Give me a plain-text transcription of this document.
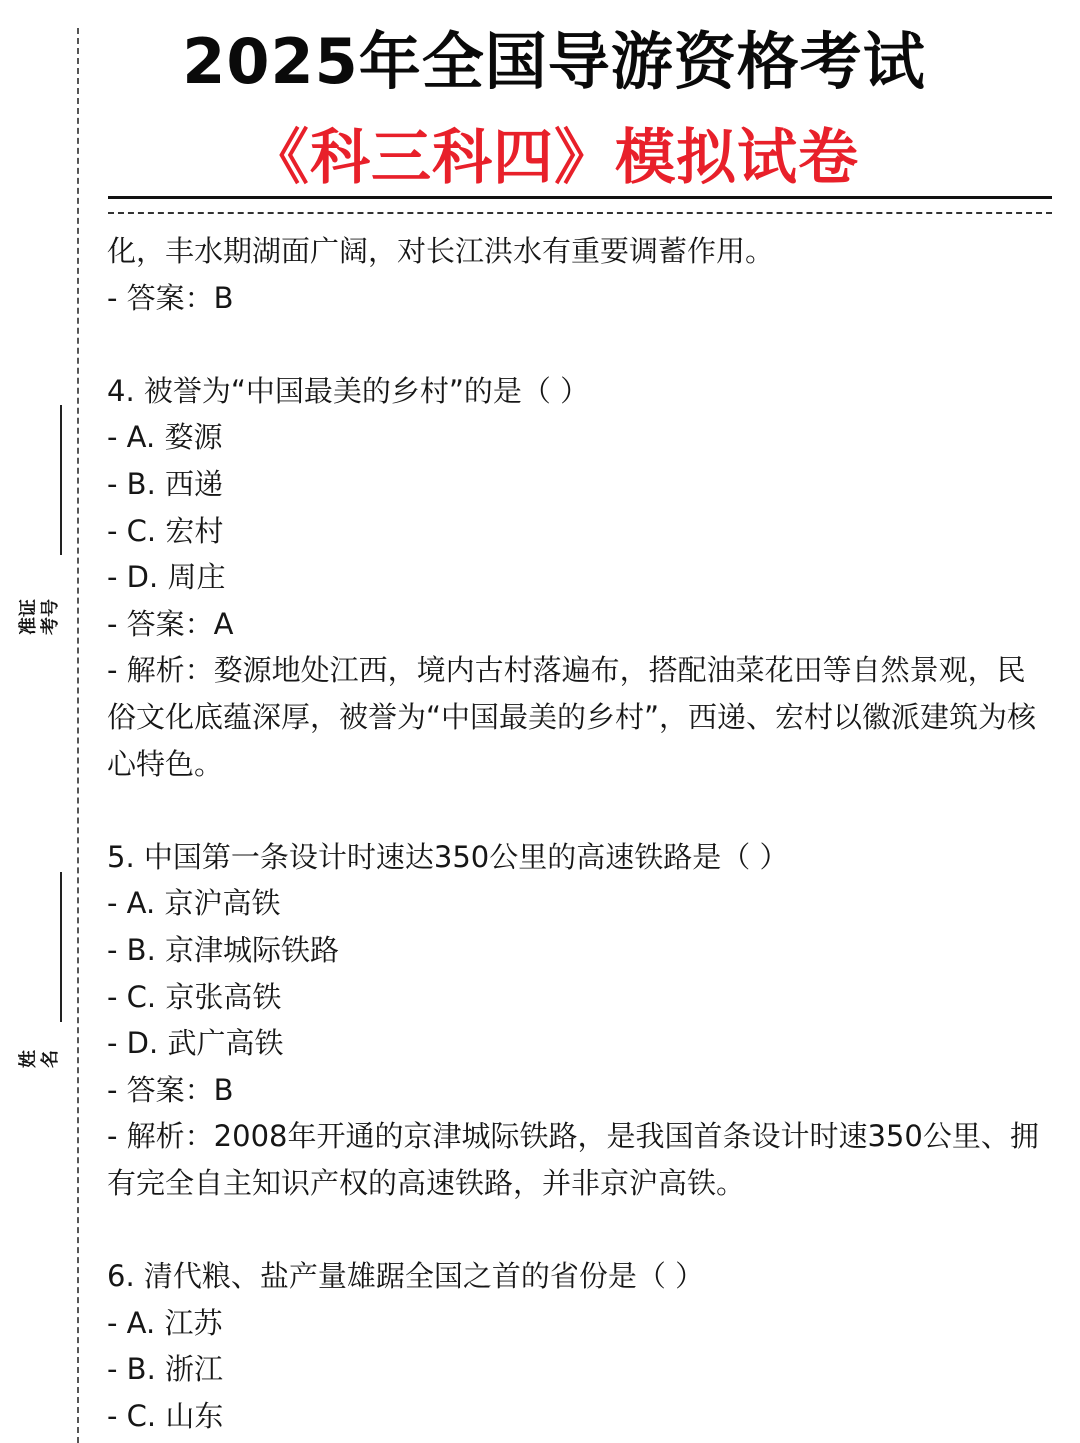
准证
考号
姓
名
2025年全国导游资格考试
《科三科四》模拟试卷

化，丰水期湖面广阔，对长江洪水有重要调蓄作用。

- 答案：B

4. 被誉为“中国最美的乡村”的是（ ）

- A. 婺源

- B. 西递

- C. 宏村

- D. 周庄

- 答案：A

- 解析：婺源地处江西，境内古村落遍布，搭配油菜花田等自然景观，民俗文化底蕴深厚，被誉为“中国最美的乡村”，西递、宏村以徽派建筑为核心特色。

5. 中国第一条设计时速达350公里的高速铁路是（ ）

- A. 京沪高铁

- B. 京津城际铁路

- C. 京张高铁

- D. 武广高铁

- 答案：B

- 解析：2008年开通的京津城际铁路，是我国首条设计时速350公里、拥有完全自主知识产权的高速铁路，并非京沪高铁。

6. 清代粮、盐产量雄踞全国之首的省份是（ ）

- A. 江苏

- B. 浙江

- C. 山东
